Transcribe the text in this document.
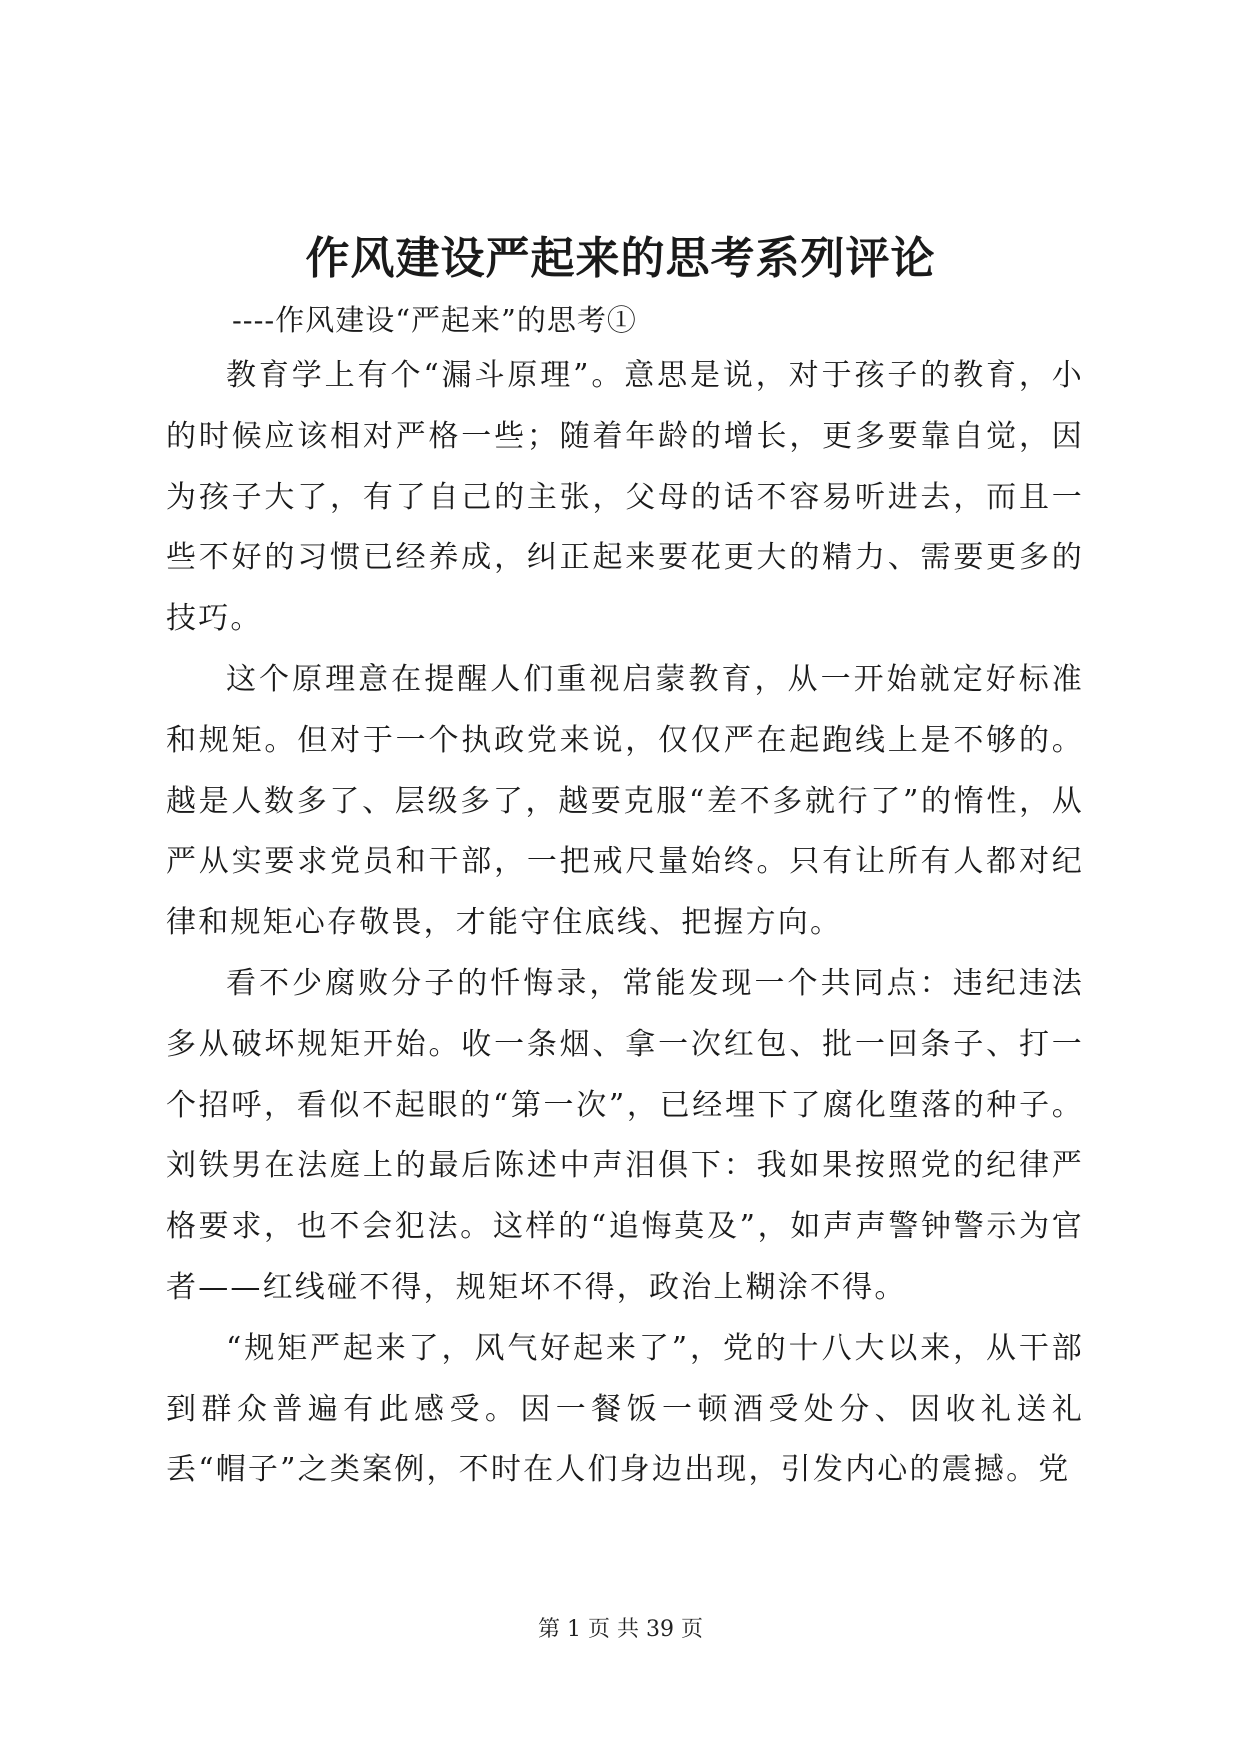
作风建设严起来的思考系列评论

----作风建设“严起来”的思考①

教育学上有个“漏斗原理”。意思是说，对于孩子的教育，小的时候应该相对严格一些；随着年龄的增长，更多要靠自觉，因为孩子大了，有了自己的主张，父母的话不容易听进去，而且一些不好的习惯已经养成，纠正起来要花更大的精力、需要更多的技巧。

这个原理意在提醒人们重视启蒙教育，从一开始就定好标准和规矩。但对于一个执政党来说，仅仅严在起跑线上是不够的。越是人数多了、层级多了，越要克服“差不多就行了”的惰性，从严从实要求党员和干部，一把戒尺量始终。只有让所有人都对纪律和规矩心存敬畏，才能守住底线、把握方向。

看不少腐败分子的忏悔录，常能发现一个共同点：违纪违法多从破坏规矩开始。收一条烟、拿一次红包、批一回条子、打一个招呼，看似不起眼的“第一次”，已经埋下了腐化堕落的种子。刘铁男在法庭上的最后陈述中声泪俱下：我如果按照党的纪律严格要求，也不会犯法。这样的“追悔莫及”，如声声警钟警示为官者——红线碰不得，规矩坏不得，政治上糊涂不得。

“规矩严起来了，风气好起来了”，党的十八大以来，从干部到群众普遍有此感受。因一餐饭一顿酒受处分、因收礼送礼丢“帽子”之类案例，不时在人们身边出现，引发内心的震撼。党

第 1 页 共 39 页
